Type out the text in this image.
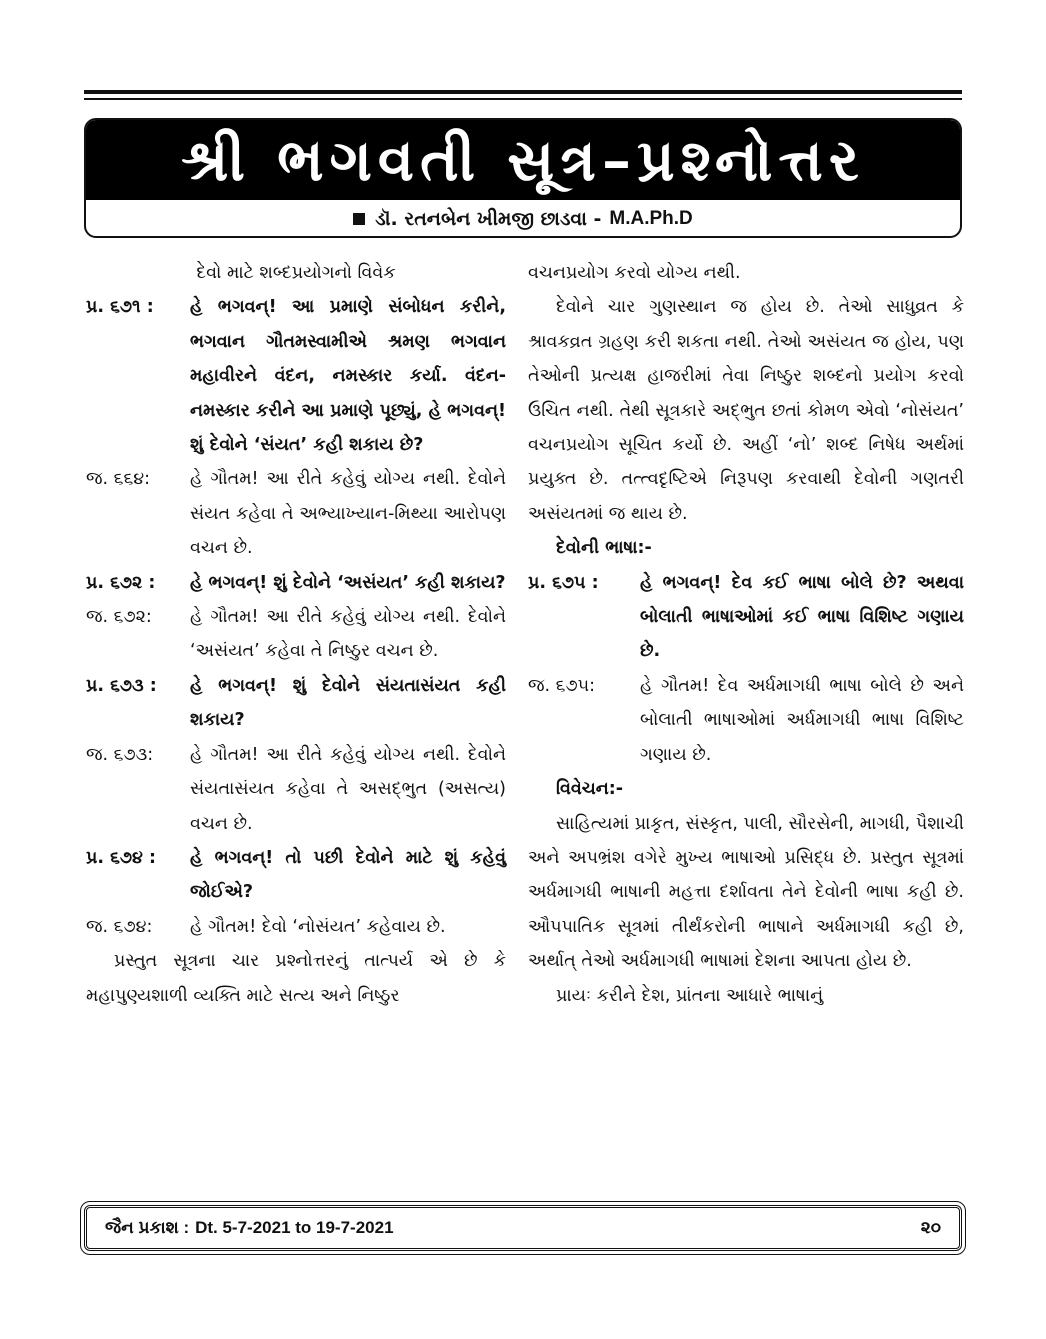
શ્રી ભગવતી સૂત્ર–પ્રશ્નોત્તર
ડૉ. રતનબેન ખીમજી છાડવા - M.A.Ph.D
દેવો માટે શબ્દપ્રયોગનો વિવેક
પ્ર. ૬૭૧ :	હે ભગવન્! આ પ્રમાણે સંબોધન કરીને, ભગવાન ગૌતમસ્વામીએ શ્રમણ ભગવાન મહાવીરને વંદન, નમસ્કાર કર્યા. વંદન-નમસ્કાર કરીને આ પ્રમાણે પૂછ્યું, હે ભગવન્! શું દેવોને ‘સંયત’ કહી શકાય છે?
જ. ૬૬૪:	હે ગૌતમ! આ રીતે કહેવું યોગ્ય નથી. દેવોને સંયત કહેવા તે અભ્યાખ્યાન-મિથ્યા આરોપણ વચન છે.
પ્ર. ૬૭૨ :	હે ભગવન્! શું દેવોને ‘અસંયત’ કહી શકાય?
જ. ૬૭૨:	હે ગૌતમ! આ રીતે કહેવું યોગ્ય નથી. દેવોને ‘અસંયત’ કહેવા તે નિષ્ઠુર વચન છે.
પ્ર. ૬૭૩ :	હે ભગવન્! શું દેવોને સંયતાસંયત કહી શકાય?
જ. ૬૭૩:	હે ગૌતમ! આ રીતે કહેવું યોગ્ય નથી. દેવોને સંયતાસંયત કહેવા તે અસદ્ભુત (અસત્ય) વચન છે.
પ્ર. ૬૭૪ :	હે ભગવન્! તો પછી દેવોને માટે શું કહેવું જોઈએ?
જ. ૬૭૪:	હે ગૌતમ! દેવો ‘નોસંયત’ કહેવાય છે.
પ્રસ્તુત સૂત્રના ચાર પ્રશ્નોત્તરનું તાત્પર્ય એ છે કે મહાપુણ્યશાળી વ્યક્તિ માટે સત્ય અને નિષ્ઠુર
વચનપ્રયોગ કરવો યોગ્ય નથી.
દેવોને ચાર ગુણસ્થાન જ હોય છે. તેઓ સાધુવ્રત કે શ્રાવકવ્રત ગ્રહણ કરી શકતા નથી. તેઓ અસંયત જ હોય, પણ તેઓની પ્રત્યક્ષ હાજરીમાં તેવા નિષ્ઠુર શબ્દનો પ્રયોગ કરવો ઉચિત નથી. તેથી સૂત્રકારે અદ્ભુત છતાં કોમળ એવો ‘નોસંયત’ વચનપ્રયોગ સૂચિત કર્યો છે. અહીં ‘નો’ શબ્દ નિષેધ અર્થમાં પ્રયુક્ત છે. તત્ત્વદૃષ્ટિએ નિરૂપણ કરવાથી દેવોની ગણતરી અસંયતમાં જ થાય છે.
દેવોની ભાષા:-
પ્ર. ૬૭૫ :	હે ભગવન્! દેવ કઈ ભાષા બોલે છે? અથવા બોલાતી ભાષાઓમાં કઈ ભાષા વિશિષ્ટ ગણાય છે.
જ. ૬૭૫:	હે ગૌતમ! દેવ અર્ધમાગધી ભાષા બોલે છે અને બોલાતી ભાષાઓમાં અર્ધમાગધી ભાષા વિશિષ્ટ ગણાય છે.
વિવેચન:-
સાહિત્યમાં પ્રાકૃત, સંસ્કૃત, પાલી, સૌરસેની, માગધી, પૈશાચી અને અપભ્રંશ વગેરે મુખ્ય ભાષાઓ પ્રસિદ્ધ છે. પ્રસ્તુત સૂત્રમાં અર્ધમાગધી ભાષાની મહત્તા દર્શાવતા તેને દેવોની ભાષા કહી છે. ઔપપાતિક સૂત્રમાં તીર્થંકરોની ભાષાને અર્ધમાગધી કહી છે, અર્થાત્ તેઓ અર્ધમાગધી ભાષામાં દેશના આપતા હોય છે.
પ્રાયઃ કરીને દેશ, પ્રાંતના આધારે ભાષાનું
જૈન પ્રકાશ : Dt. 5-7-2021 to 19-7-2021	૨૦
